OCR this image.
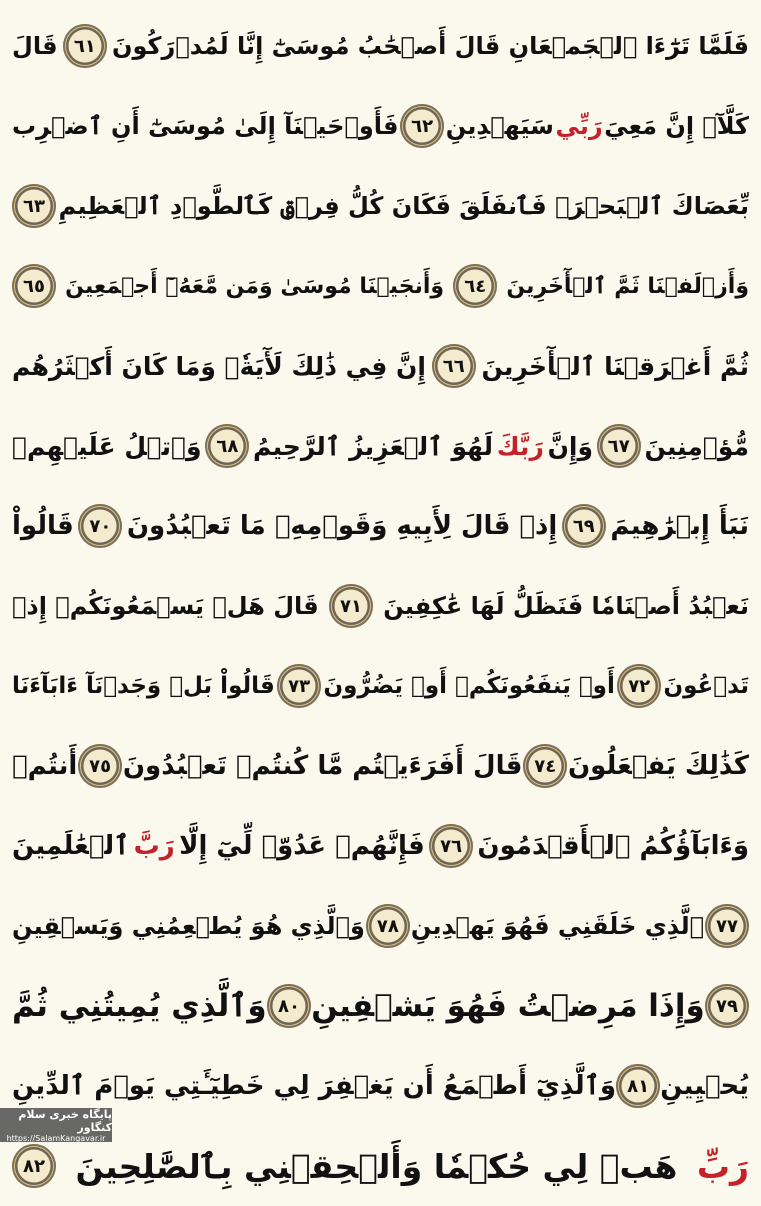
فَلَمَّا تَرَٰٓءَا ٱلۡجَمۡعَانِ قَالَ أَصۡحَٰبُ مُوسَىٰٓ إِنَّا لَمُدۡرَكُونَ
٦١
قَالَ
كَلَّآۖ إِنَّ مَعِيَ
رَبِّي
سَيَهۡدِينِ
٦٢
فَأَوۡحَيۡنَآ إِلَىٰ مُوسَىٰٓ أَنِ ٱضۡرِب
بِّعَصَاكَ ٱلۡبَحۡرَۖ فَٱنفَلَقَ فَكَانَ كُلُّ فِرۡقٖ كَٱلطَّوۡدِ ٱلۡعَظِيمِ
٦٣
وَأَزۡلَفۡنَا ثَمَّ ٱلۡأٓخَرِينَ
٦٤
وَأَنجَيۡنَا مُوسَىٰ وَمَن مَّعَهُۥٓ أَجۡمَعِينَ
٦٥
ثُمَّ أَغۡرَقۡنَا ٱلۡأٓخَرِينَ
٦٦
إِنَّ فِي ذَٰلِكَ لَأٓيَةٗۖ وَمَا كَانَ أَكۡثَرُهُم
مُّؤۡمِنِينَ
٦٧
وَإِنَّ
رَبَّكَ
لَهُوَ ٱلۡعَزِيزُ ٱلرَّحِيمُ
٦٨
وَٱتۡلُ عَلَيۡهِمۡ
نَبَأَ إِبۡرَٰهِيمَ
٦٩
إِذۡ قَالَ لِأَبِيهِ وَقَوۡمِهِۦ مَا تَعۡبُدُونَ
٧٠
قَالُواْ
نَعۡبُدُ أَصۡنَامٗا فَنَظَلُّ لَهَا عَٰكِفِينَ
٧١
قَالَ هَلۡ يَسۡمَعُونَكُمۡ إِذۡ
تَدۡعُونَ
٧٢
أَوۡ يَنفَعُونَكُمۡ أَوۡ يَضُرُّونَ
٧٣
قَالُواْ بَلۡ وَجَدۡنَآ ءَابَآءَنَا
كَذَٰلِكَ يَفۡعَلُونَ
٧٤
قَالَ أَفَرَءَيۡتُم مَّا كُنتُمۡ تَعۡبُدُونَ
٧٥
أَنتُمۡ
وَءَابَآؤُكُمُ ٱلۡأَقۡدَمُونَ
٧٦
فَإِنَّهُمۡ عَدُوّٞ لِّيٓ إِلَّا
رَبَّ
ٱلۡعَٰلَمِينَ
٧٧
ٱلَّذِي خَلَقَنِي فَهُوَ يَهۡدِينِ
٧٨
وَٱلَّذِي هُوَ يُطۡعِمُنِي وَيَسۡقِينِ
٧٩
وَإِذَا مَرِضۡتُ فَهُوَ يَشۡفِينِ
٨٠
وَٱلَّذِي يُمِيتُنِي ثُمَّ
يُحۡيِينِ
٨١
وَٱلَّذِيٓ أَطۡمَعُ أَن يَغۡفِرَ لِي خَطِيٓـَٔتِي يَوۡمَ ٱلدِّينِ
رَبِّ
هَبۡ لِي حُكۡمٗا وَأَلۡحِقۡنِي بِٱلصَّٰلِحِينَ
٨٢
پایگاه خبری سلام کنگاور
https://SalamKangavar.ir
